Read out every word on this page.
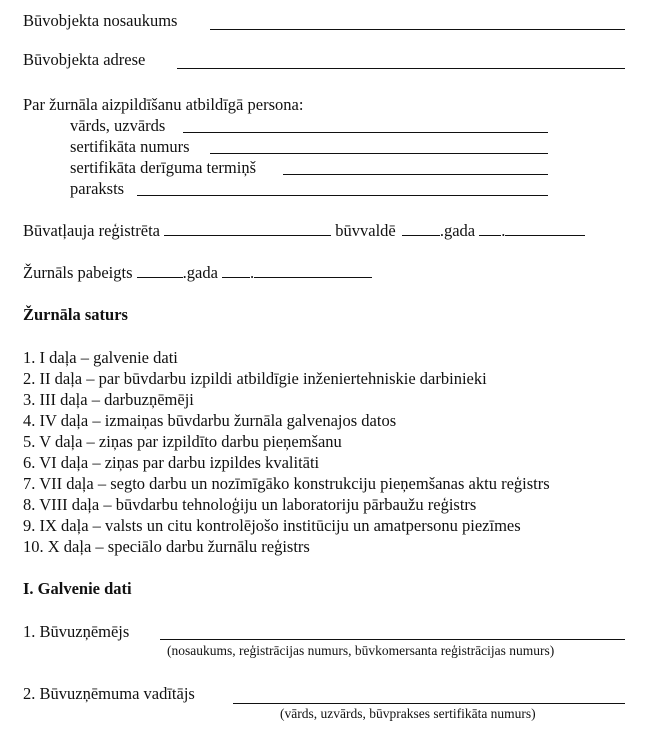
Būvobjekta nosaukums
Būvobjekta adrese
Par žurnāla aizpildīšanu atbildīgā persona:
vārds, uzvārds
sertifikāta numurs
sertifikāta derīguma termiņš
paraksts
Būvatļauja reģistrēta	būvvaldē	.gada .
Žurnāls pabeigts	.gada .
Žurnāla saturs
1. I daļa – galvenie dati
2. II daļa – par būvdarbu izpildi atbildīgie inženiertehniskie darbinieki
3. III daļa – darbuzņēmēji
4. IV daļa – izmaiņas būvdarbu žurnāla galvenajos datos
5. V daļa – ziņas par izpildīto darbu pieņemšanu
6. VI daļa – ziņas par darbu izpildes kvalitāti
7. VII daļa – segto darbu un nozīmīgāko konstrukciju pieņemšanas aktu reģistrs
8. VIII daļa – būvdarbu tehnoloģiju un laboratoriju pārbaužu reģistrs
9. IX daļa – valsts un citu kontrolējošo institūciju un amatpersonu piezīmes
10. X daļa – speciālo darbu žurnālu reģistrs
I. Galvenie dati
1. Būvuzņēmējs
(nosaukums, reģistrācijas numurs, būvkomersanta reģistrācijas numurs)
2. Būvuzņēmuma vadītājs
(vārds, uzvārds, būvprakses sertifikāta numurs)
